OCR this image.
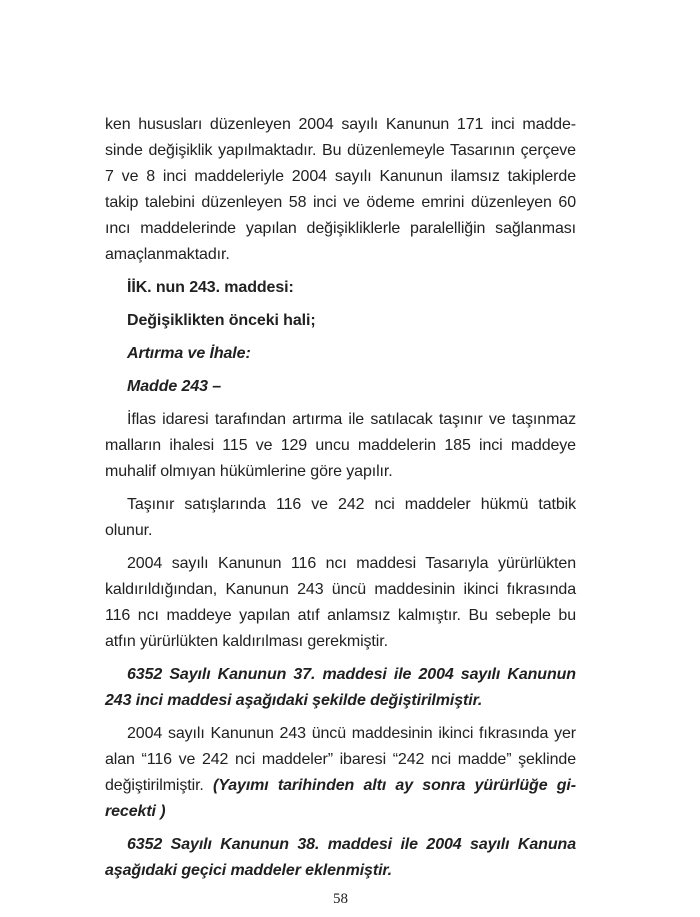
ken hususları düzenleyen 2004 sayılı Kanunun 171 inci madde-
sinde değişiklik yapılmaktadır. Bu düzenlemeyle Tasarının çerçeve
7 ve 8 inci maddeleriyle 2004 sayılı Kanunun ilamsız takiplerde
takip talebini düzenleyen 58 inci ve ödeme emrini düzenleyen 60
ıncı maddelerinde yapılan değişikliklerle paralelliğin sağlanması
amaçlanmaktadır.
İİK. nun 243. maddesi:
Değişiklikten önceki hali;
Artırma ve İhale:
Madde 243 –
İflas idaresi tarafından artırma ile satılacak taşınır ve taşınmaz
malların ihalesi 115 ve 129 uncu maddelerin 185 inci maddeye
muhalif olmıyan hükümlerine göre yapılır.
Taşınır satışlarında 116 ve 242 nci maddeler hükmü tatbik olunur.
2004 sayılı Kanunun 116 ncı maddesi Tasarıyla yürürlükten
kaldırıldığından, Kanunun 243 üncü maddesinin ikinci fıkrasında
116 ncı maddeye yapılan atıf anlamsız kalmıştır. Bu sebeple bu
atfın yürürlükten kaldırılması gerekmiştir.
6352 Sayılı Kanunun 37. maddesi ile 2004 sayılı Kanunun
243 inci maddesi aşağıdaki şekilde değiştirilmiştir.
2004 sayılı Kanunun 243 üncü maddesinin ikinci fıkrasında yer
alan “116 ve 242 nci maddeler” ibaresi “242 nci madde” şeklinde
değiştirilmiştir. (Yayımı tarihinden altı ay sonra yürürlüğe gi-
recekti )
6352 Sayılı Kanunun 38. maddesi ile 2004 sayılı Kanuna
aşağıdaki geçici maddeler eklenmiştir.
58
